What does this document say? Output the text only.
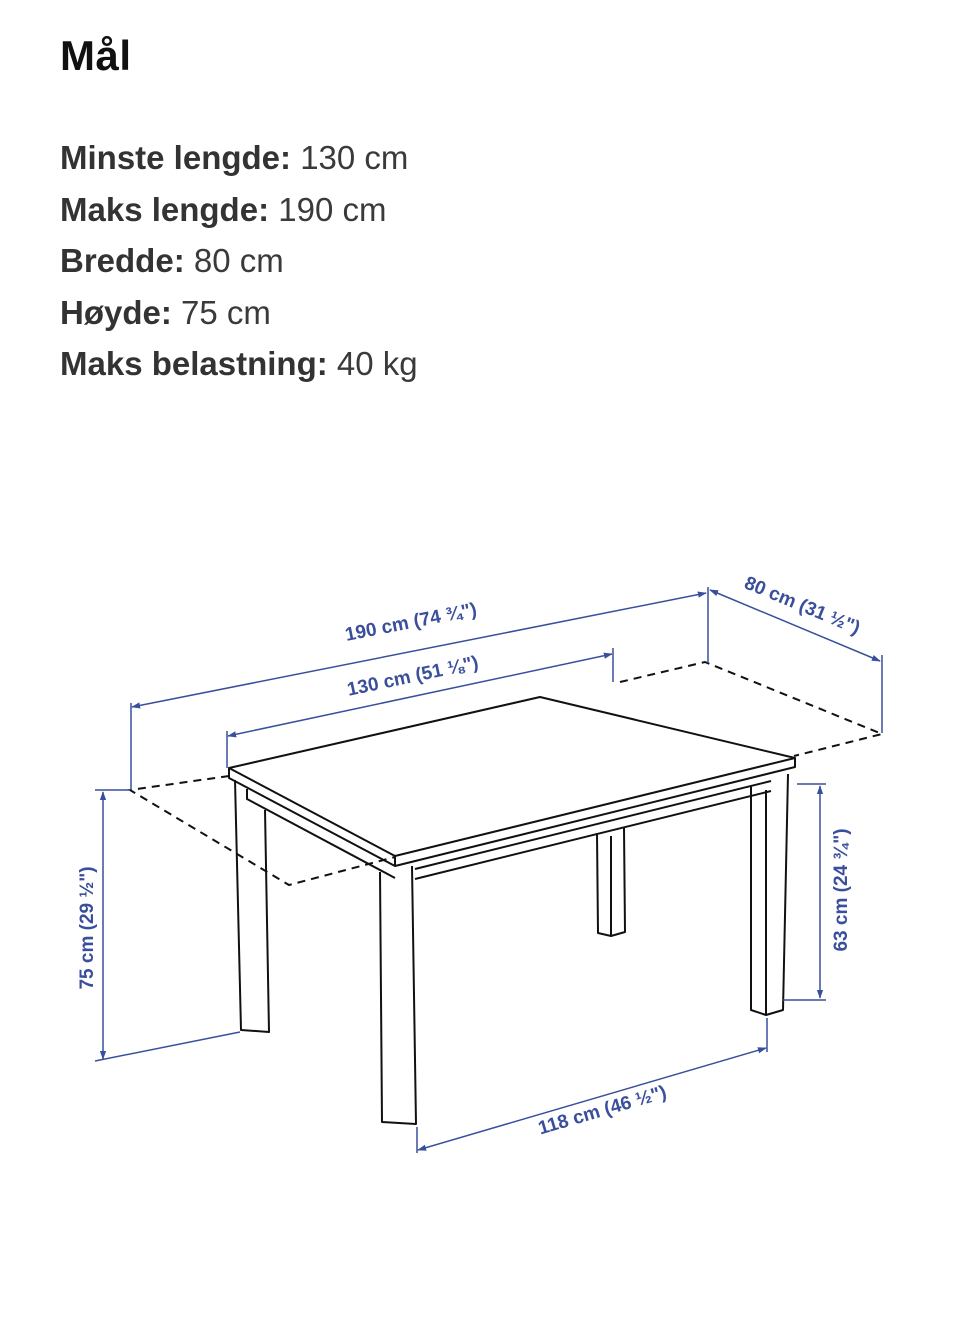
Mål
Minste lengde: 130 cm
Maks lengde: 190 cm
Bredde: 80 cm
Høyde: 75 cm
Maks belastning: 40 kg
190 cm (74 ¾")
130 cm (51 ⅛")
80 cm (31 ½")
75 cm (29 ½")	63 cm (24 ¾")
118 cm (46 ½")
